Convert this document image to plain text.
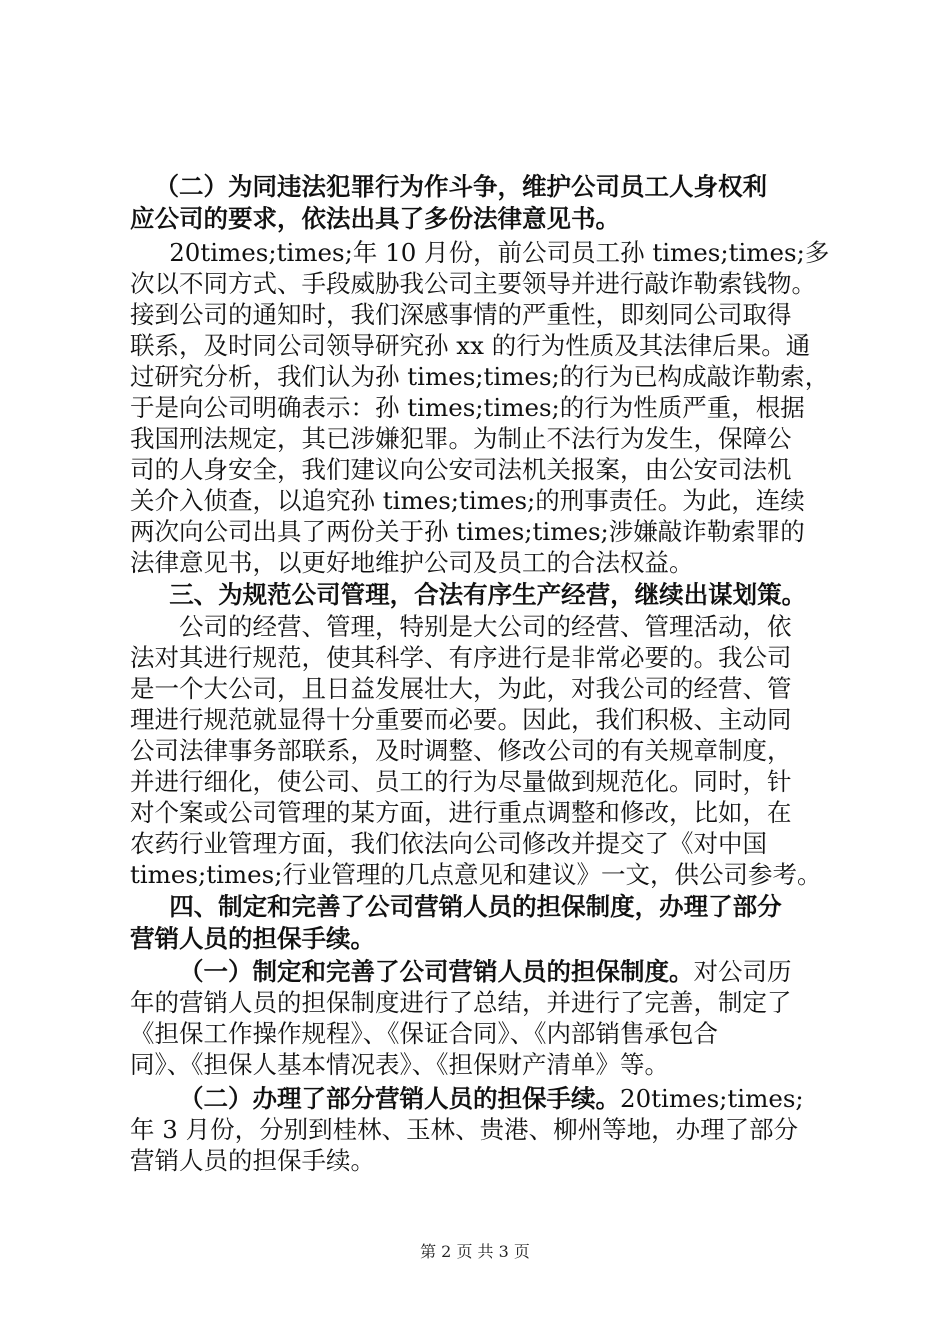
（二）为同违法犯罪行为作斗争，维护公司员工人身权利
应公司的要求，依法出具了多份法律意见书。
20times;times;年 10 月份，前公司员工孙 times;times;多
次以不同方式、手段威胁我公司主要领导并进行敲诈勒索钱物。
接到公司的通知时，我们深感事情的严重性，即刻同公司取得
联系，及时同公司领导研究孙 xx 的行为性质及其法律后果。通
过研究分析，我们认为孙 times;times;的行为已构成敲诈勒索，
于是向公司明确表示：孙 times;times;的行为性质严重，根据
我国刑法规定，其已涉嫌犯罪。为制止不法行为发生，保障公
司的人身安全，我们建议向公安司法机关报案，由公安司法机
关介入侦查，以追究孙 times;times;的刑事责任。为此，连续
两次向公司出具了两份关于孙 times;times;涉嫌敲诈勒索罪的
法律意见书，以更好地维护公司及员工的合法权益。
三、为规范公司管理，合法有序生产经营，继续出谋划策。
公司的经营、管理，特别是大公司的经营、管理活动，依
法对其进行规范，使其科学、有序进行是非常必要的。我公司
是一个大公司，且日益发展壮大，为此，对我公司的经营、管
理进行规范就显得十分重要而必要。因此，我们积极、主动同
公司法律事务部联系，及时调整、修改公司的有关规章制度，
并进行细化，使公司、员工的行为尽量做到规范化。同时，针
对个案或公司管理的某方面，进行重点调整和修改，比如，在
农药行业管理方面，我们依法向公司修改并提交了《对中国
times;times;行业管理的几点意见和建议》一文，供公司参考。
四、制定和完善了公司营销人员的担保制度，办理了部分
营销人员的担保手续。
（一）制定和完善了公司营销人员的担保制度。对公司历
年的营销人员的担保制度进行了总结，并进行了完善，制定了
《担保工作操作规程》、《保证合同》、《内部销售承包合
同》、《担保人基本情况表》、《担保财产清单》等。
（二）办理了部分营销人员的担保手续。20times;times;
年 3 月份，分别到桂林、玉林、贵港、柳州等地，办理了部分
营销人员的担保手续。
第 2 页 共 3 页
